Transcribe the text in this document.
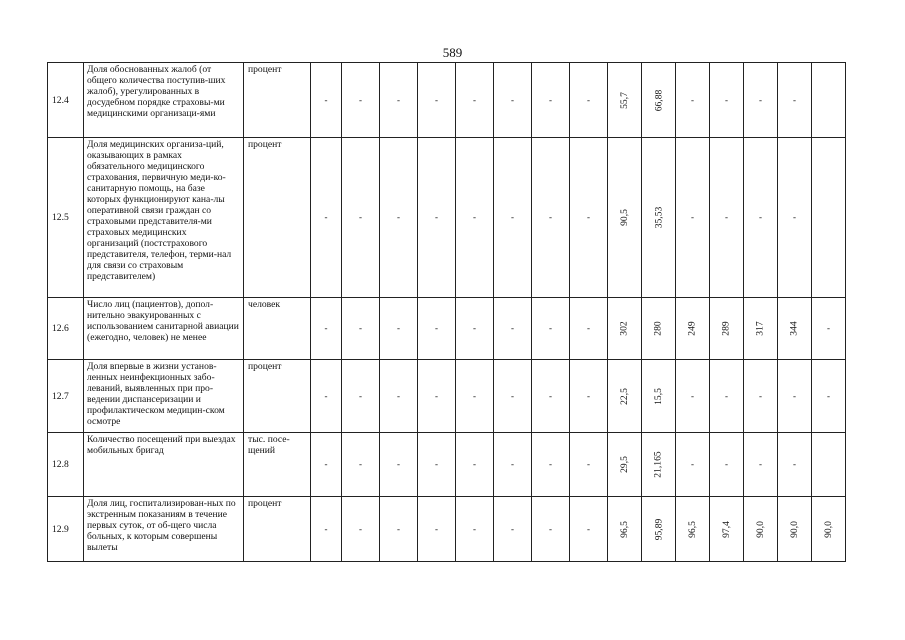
589
12.4	Доля обоснованных жалоб (от общего количества поступив-ших жалоб), урегулированных в досудебном порядке страховы-ми медицинскими организаци-ями	процент	-	-	-	-	-	-	-	-	55,7	66,88	-	-	-	-	
12.5	Доля медицинских организа-ций, оказывающих в рамках обязательного медицинского страхования, первичную меди-ко-санитарную помощь, на базе которых функционируют кана-лы оперативной связи граждан со страховыми представителя-ми страховых медицинских организаций (поcтстрахового представителя, телефон, терми-нал для связи со страховым представителем)	процент	-	-	-	-	-	-	-	-	90,5	35,53	-	-	-	-	
12.6	Число лиц (пациентов), допол-нительно эвакуированных с использованием санитарной авиации (ежегодно, человек) не менее	человек	-	-	-	-	-	-	-	-	302	280	249	289	317	344	-
12.7	Доля впервые в жизни установ-ленных неинфекционных забо-леваний, выявленных при про-ведении диспансеризации и профилактическом медицин-ском осмотре	процент	-	-	-	-	-	-	-	-	22,5	15,5	-	-	-	-	-
12.8	Количество посещений при выездах мобильных бригад	тыс. посе-щений	-	-	-	-	-	-	-	-	29,5	21,165	-	-	-	-	
12.9	Доля лиц, госпитализирован-ных по экстренным показаниям в течение первых суток, от об-щего числа больных, к которым совершены вылеты	процент	-	-	-	-	-	-	-	-	96,5	95,89	96,5	97,4	90,0	90,0	90,0
